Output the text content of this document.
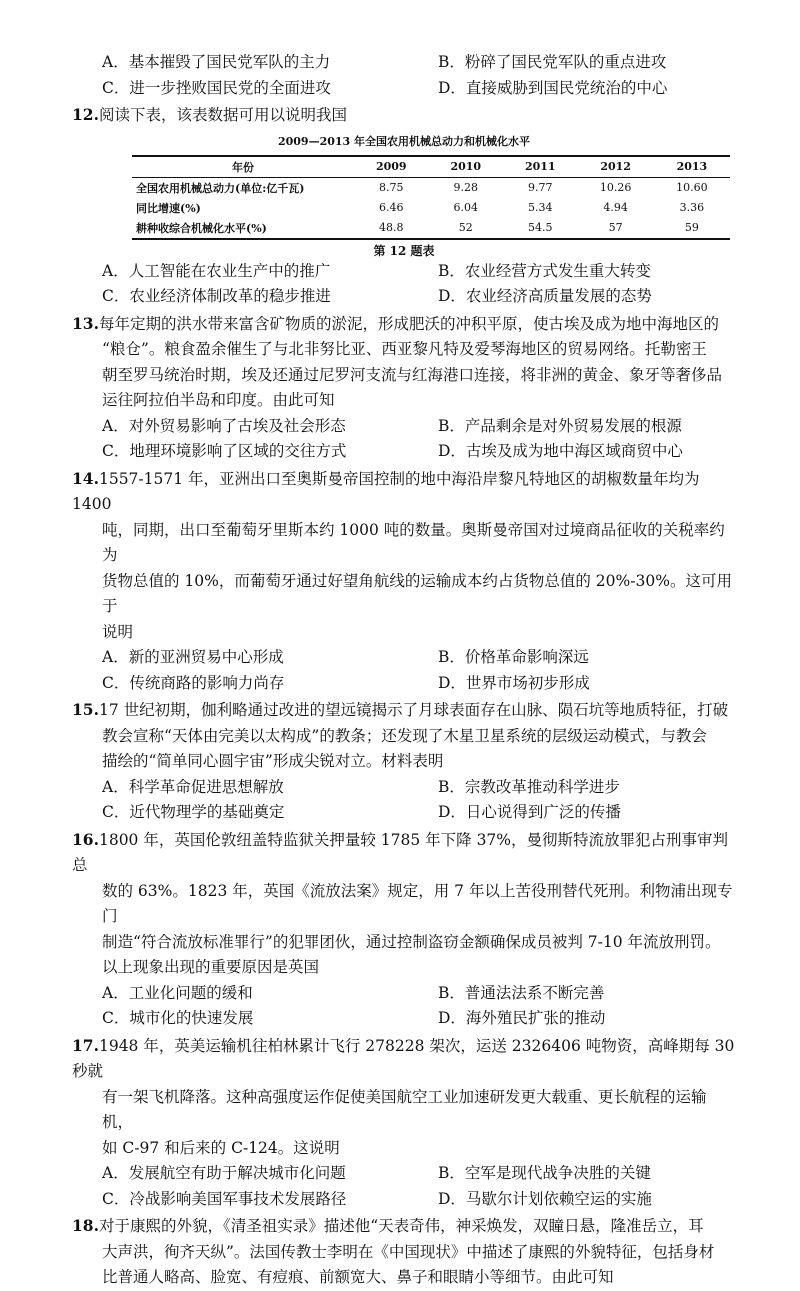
A．基本摧毁了国民党军队的主力	B．粉碎了国民党军队的重点进攻
C．进一步挫败国民党的全面进攻	D．直接威胁到国民党统治的中心

12.阅读下表，该表数据可用以说明我国

2009—2013 年全国农用机械总动力和机械化水平
年份	2009	2010	2011	2012	2013
全国农用机械总动力(单位:亿千瓦)	8.75	9.28	9.77	10.26	10.60
同比增速(%)	6.46	6.04	5.34	4.94	3.36
耕种收综合机械化水平(%)	48.8	52	54.5	57	59
第 12 题表
A．人工智能在农业生产中的推广	B．农业经营方式发生重大转变
C．农业经济体制改革的稳步推进	D．农业经济高质量发展的态势

13.每年定期的洪水带来富含矿物质的淤泥，形成肥沃的冲积平原，使古埃及成为地中海地区的

“粮仓”。粮食盈余催生了与北非努比亚、西亚黎凡特及爱琴海地区的贸易网络。托勒密王

朝至罗马统治时期，埃及还通过尼罗河支流与红海港口连接，将非洲的黄金、象牙等奢侈品

运往阿拉伯半岛和印度。由此可知

A．对外贸易影响了古埃及社会形态	B．产品剩余是对外贸易发展的根源
C．地理环境影响了区域的交往方式	D．古埃及成为地中海区域商贸中心

14.1557-1571 年，亚洲出口至奥斯曼帝国控制的地中海沿岸黎凡特地区的胡椒数量年均为 1400

吨，同期，出口至葡萄牙里斯本约 1000 吨的数量。奥斯曼帝国对过境商品征收的关税率约为

货物总值的 10%，而葡萄牙通过好望角航线的运输成本约占货物总值的 20%-30%。这可用于

说明

A．新的亚洲贸易中心形成	B．价格革命影响深远
C．传统商路的影响力尚存	D．世界市场初步形成

15.17 世纪初期，伽利略通过改进的望远镜揭示了月球表面存在山脉、陨石坑等地质特征，打破

教会宣称“天体由完美以太构成”的教条；还发现了木星卫星系统的层级运动模式，与教会

描绘的“简单同心圆宇宙”形成尖锐对立。材料表明

A．科学革命促进思想解放	B．宗教改革推动科学进步
C．近代物理学的基础奠定	D．日心说得到广泛的传播

16.1800 年，英国伦敦纽盖特监狱关押量较 1785 年下降 37%，曼彻斯特流放罪犯占刑事审判总

数的 63%。1823 年，英国《流放法案》规定，用 7 年以上苦役刑替代死刑。利物浦出现专门

制造“符合流放标准罪行”的犯罪团伙，通过控制盗窃金额确保成员被判 7-10 年流放刑罚。

以上现象出现的重要原因是英国

A．工业化问题的缓和	B．普通法法系不断完善
C．城市化的快速发展	D．海外殖民扩张的推动

17.1948 年，英美运输机往柏林累计飞行 278228 架次，运送 2326406 吨物资，高峰期每 30 秒就

有一架飞机降落。这种高强度运作促使美国航空工业加速研发更大载重、更长航程的运输机，

如 C-97 和后来的 C-124。这说明

A．发展航空有助于解决城市化问题	B．空军是现代战争决胜的关键
C．冷战影响美国军事技术发展路径	D．马歇尔计划依赖空运的实施

18.对于康熙的外貌，《清圣祖实录》描述他“天表奇伟，神采焕发，双瞳日悬，隆准岳立，耳

大声洪，徇齐天纵”。法国传教士李明在《中国现状》中描述了康熙的外貌特征，包括身材

比普通人略高、脸宽、有痘痕、前额宽大、鼻子和眼睛小等细节。由此可知
